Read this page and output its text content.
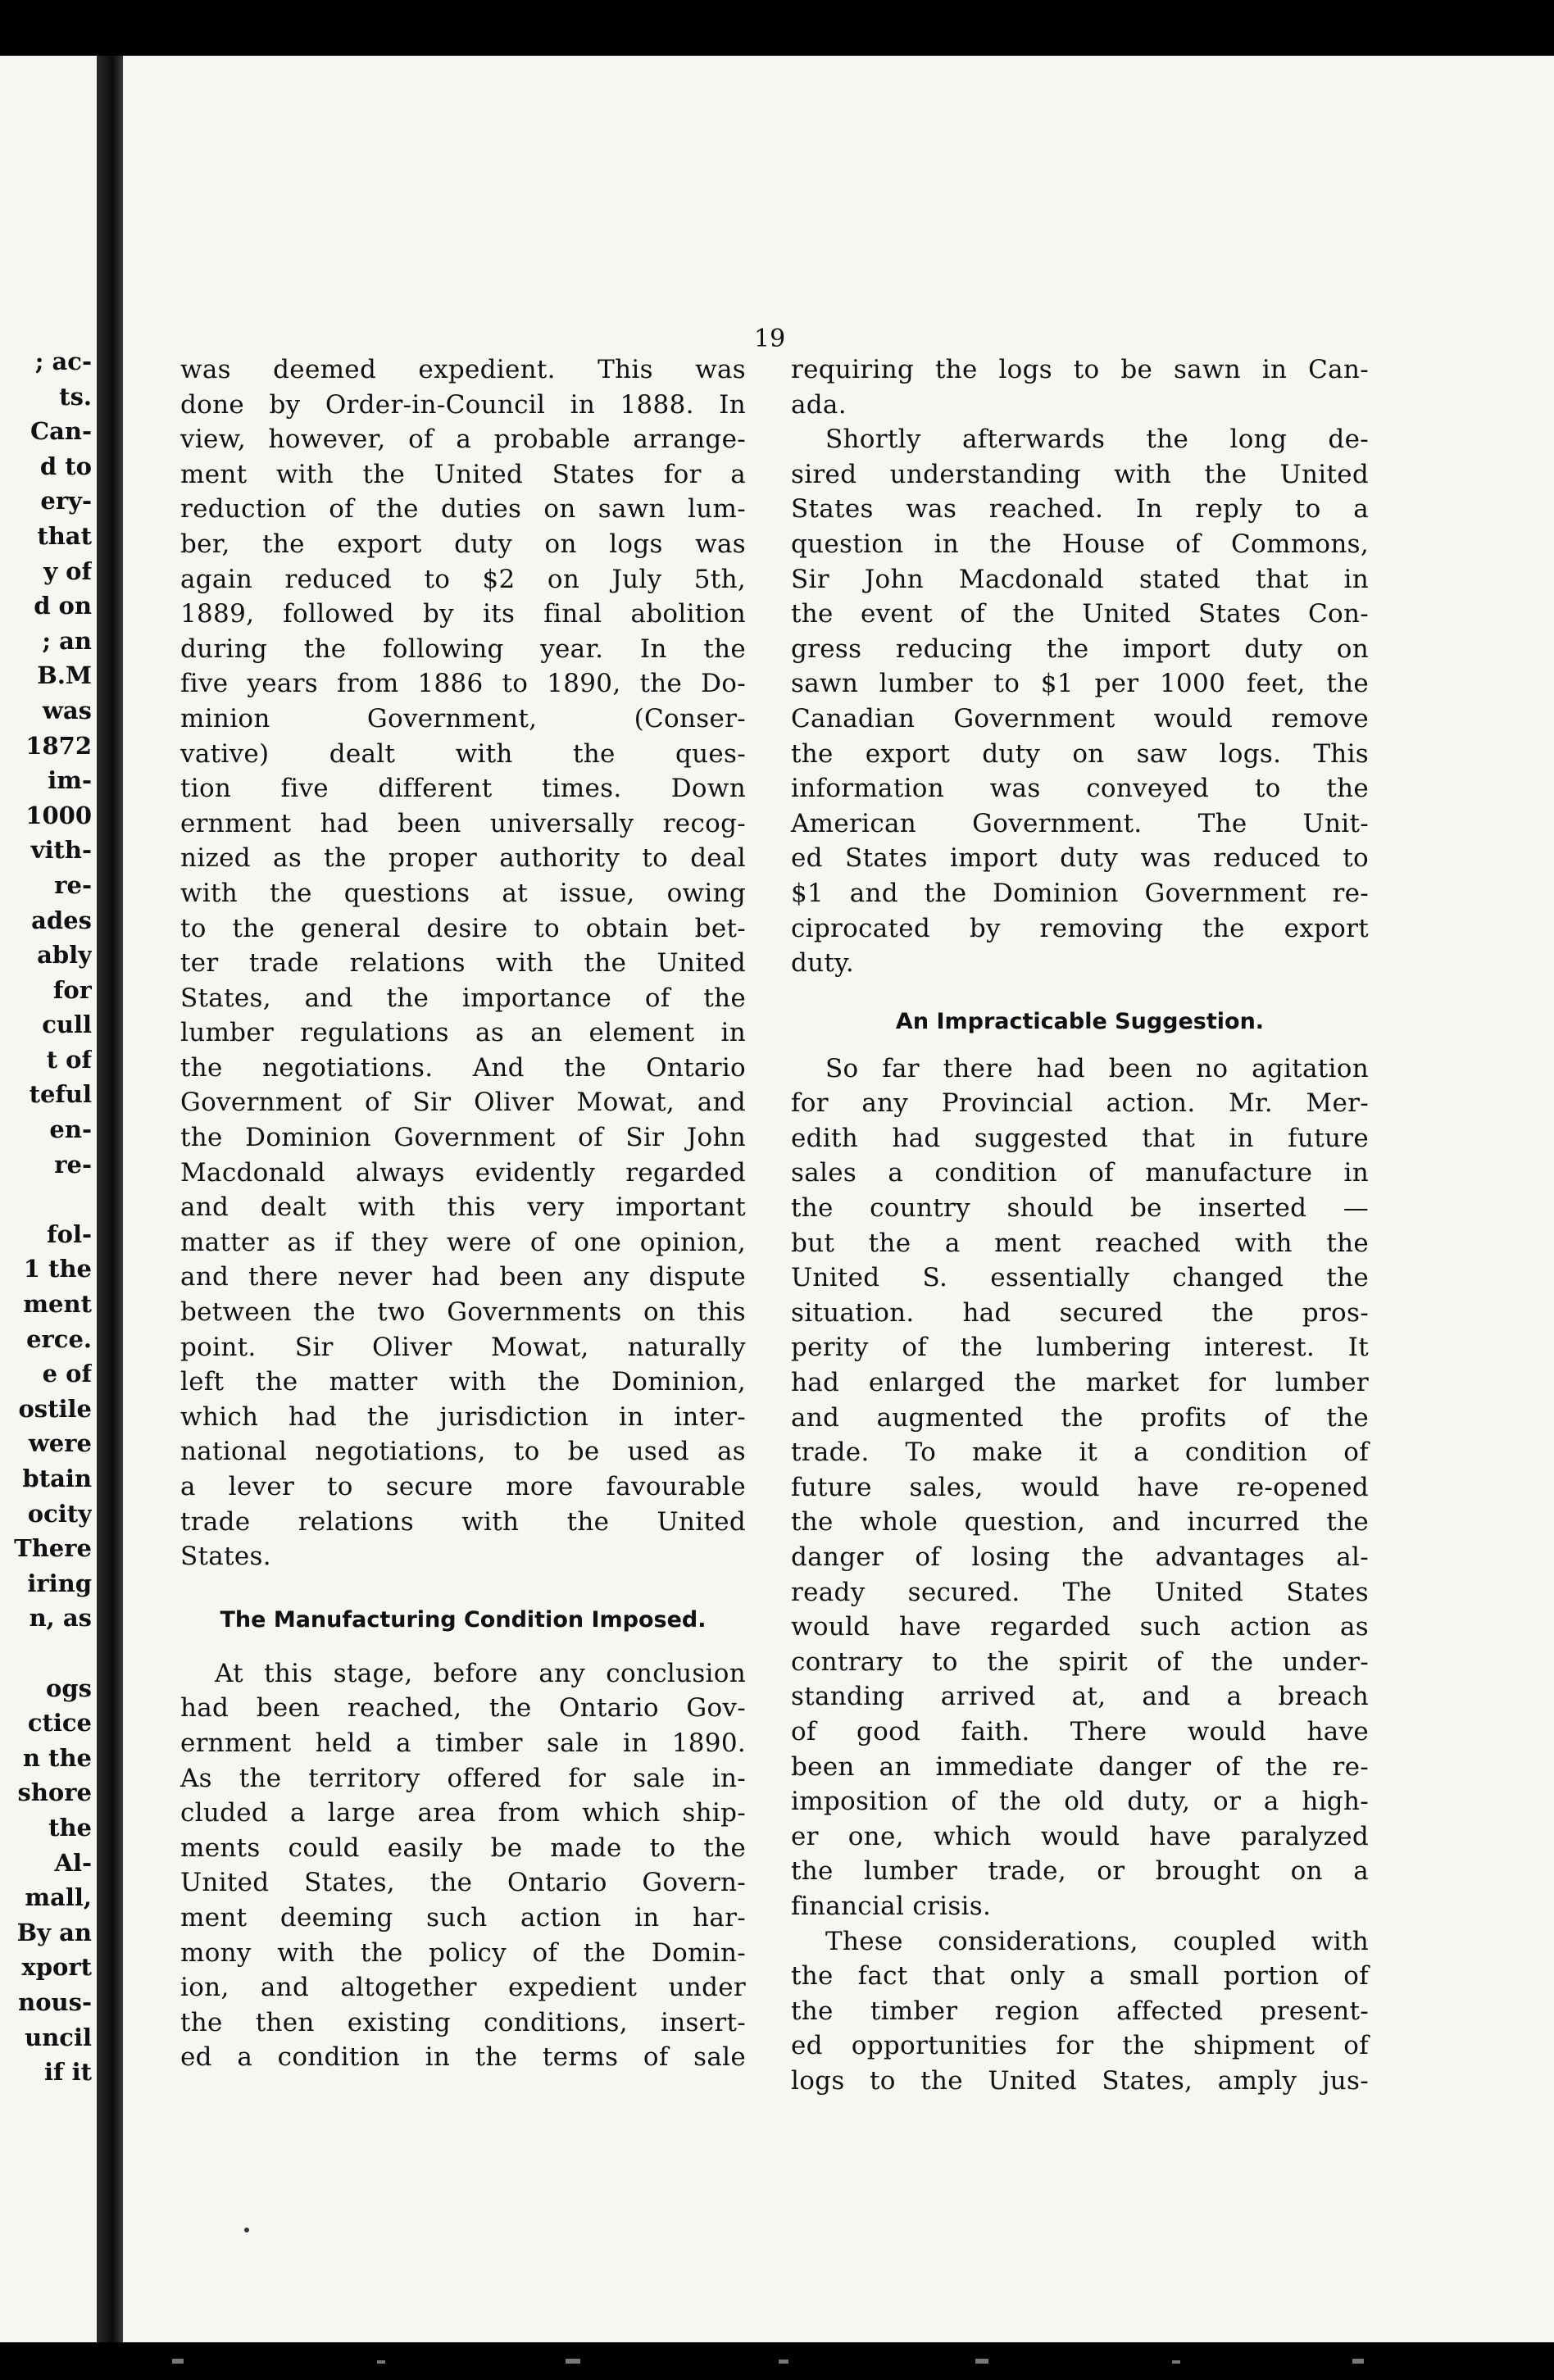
; ac-
ts.
Can-
d to
ery-
that
y of
d on
; an
B.M
was
1872
im-
1000
vith-
re-
ades
ably
for
cull
t of
teful
en-
re-
fol-
1 the
ment
erce.
e of
ostile
were
btain
ocity
There
iring
n, as
ogs
ctice
n the
shore
the
Al-
mall,
By an
xport
nous-
uncil
if it
19
was deemed expedient. This was
done by Order-in-Council in 1888. In
view, however, of a probable arrange-
ment with the United States for a
reduction of the duties on sawn lum-
ber, the export duty on logs was
again reduced to $2 on July 5th,
1889, followed by its final abolition
during the following year. In the
five years from 1886 to 1890, the Do-
minion Government, (Conser-
vative) dealt with the ques-
tion five different times. Down
ernment had been universally recog-
nized as the proper authority to deal
with the questions at issue, owing
to the general desire to obtain bet-
ter trade relations with the United
States, and the importance of the
lumber regulations as an element in
the negotiations. And the Ontario
Government of Sir Oliver Mowat, and
the Dominion Government of Sir John
Macdonald always evidently regarded
and dealt with this very important
matter as if they were of one opinion,
and there never had been any dispute
between the two Governments on this
point. Sir Oliver Mowat, naturally
left the matter with the Dominion,
which had the jurisdiction in inter-
national negotiations, to be used as
a lever to secure more favourable
trade relations with the United
States.
The Manufacturing Condition Imposed.
At this stage, before any conclusion
had been reached, the Ontario Gov-
ernment held a timber sale in 1890.
As the territory offered for sale in-
cluded a large area from which ship-
ments could easily be made to the
United States, the Ontario Govern-
ment deeming such action in har-
mony with the policy of the Domin-
ion, and altogether expedient under
the then existing conditions, insert-
ed a condition in the terms of sale
requiring the logs to be sawn in Can-
ada.
Shortly afterwards the long de-
sired understanding with the United
States was reached. In reply to a
question in the House of Commons,
Sir John Macdonald stated that in
the event of the United States Con-
gress reducing the import duty on
sawn lumber to $1 per 1000 feet, the
Canadian Government would remove
the export duty on saw logs. This
information was conveyed to the
American Government. The Unit-
ed States import duty was reduced to
$1 and the Dominion Government re-
ciprocated by removing the export
duty.
An Impracticable Suggestion.
So far there had been no agitation
for any Provincial action. Mr. Mer-
edith had suggested that in future
sales a condition of manufacture in
the country should be inserted —
but the a ment reached with the
United S. essentially changed the
situation. had secured the pros-
perity of the lumbering interest. It
had enlarged the market for lumber
and augmented the profits of the
trade. To make it a condition of
future sales, would have re-opened
the whole question, and incurred the
danger of losing the advantages al-
ready secured. The United States
would have regarded such action as
contrary to the spirit of the under-
standing arrived at, and a breach
of good faith. There would have
been an immediate danger of the re-
imposition of the old duty, or a high-
er one, which would have paralyzed
the lumber trade, or brought on a
financial crisis.
These considerations, coupled with
the fact that only a small portion of
the timber region affected present-
ed opportunities for the shipment of
logs to the United States, amply jus-
